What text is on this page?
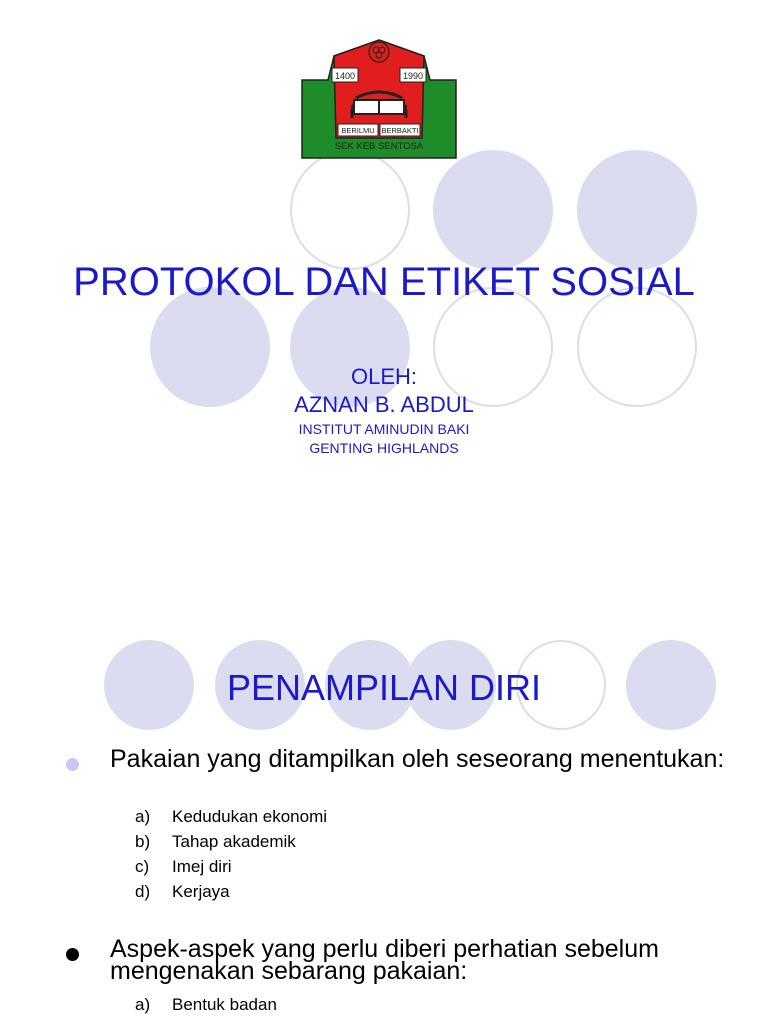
1400	1990
BERILMU BERBAKTI
SEK KEB SENTOSA
PROTOKOL DAN ETIKET SOSIAL
OLEH:
AZNAN B. ABDUL
INSTITUT AMINUDIN BAKI
GENTING HIGHLANDS
PENAMPILAN DIRI
Pakaian yang ditampilkan oleh seseorang menentukan:
a)	Kedudukan ekonomi
b)	Tahap akademik
c)	Imej diri
d)	Kerjaya
Aspek-aspek yang perlu diberi perhatian sebelum mengenakan sebarang pakaian:
a)	Bentuk badan
